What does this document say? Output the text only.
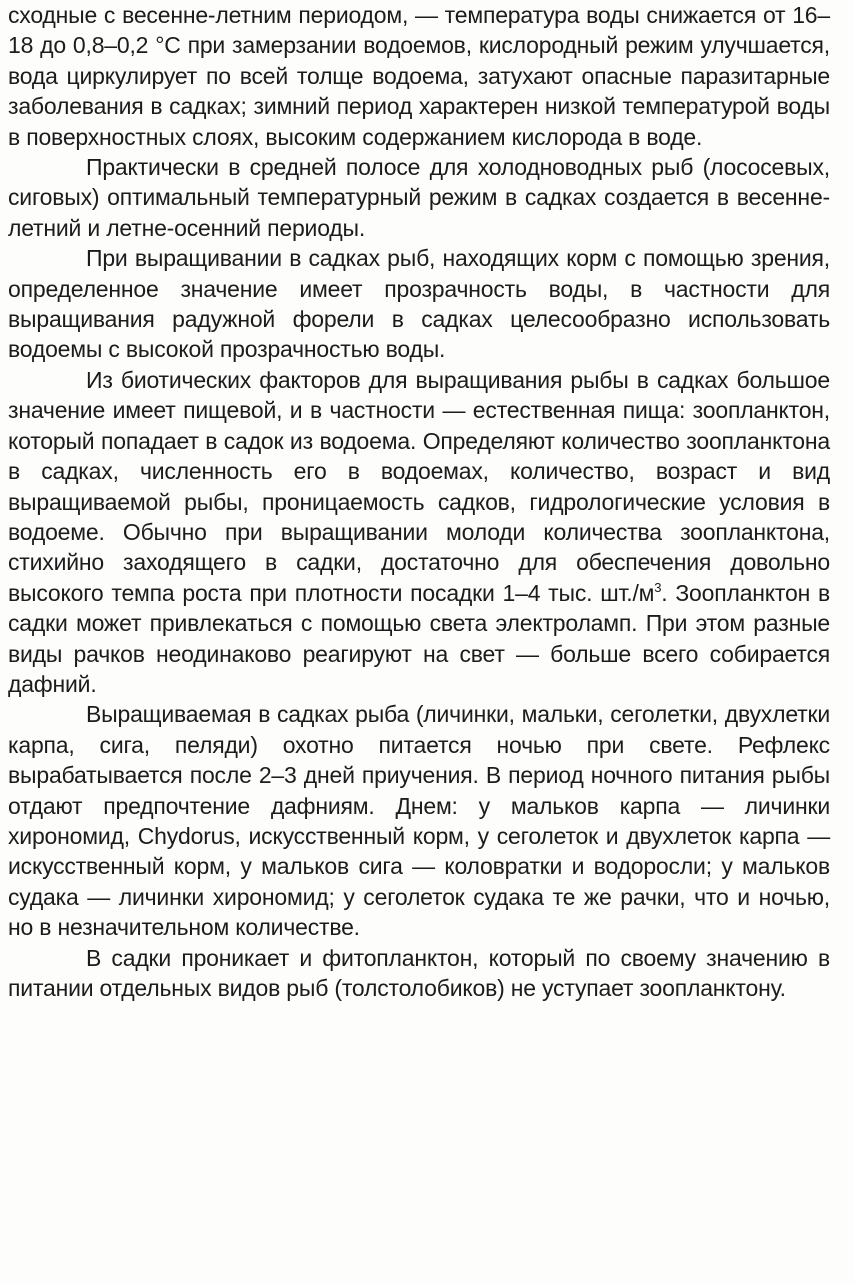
сходные с весенне-летним периодом, — температура воды снижается от 16–18 до 0,8–0,2 °С при замерзании водоемов, кислородный режим улучшается, вода циркулирует по всей толще водоема, затухают опасные паразитарные заболевания в садках; зимний период характерен низкой температурой воды в поверхностных слоях, высоким содержанием кислорода в воде.

Практически в средней полосе для холодноводных рыб (лососевых, сиговых) оптимальный температурный режим в садках создается в весенне-летний и летне-осенний периоды.

При выращивании в садках рыб, находящих корм с помощью зрения, определенное значение имеет прозрачность воды, в частности для выращивания радужной форели в садках целесообразно использовать водоемы с высокой прозрачностью воды.

Из биотических факторов для выращивания рыбы в садках большое значение имеет пищевой, и в частности — естественная пища: зоопланктон, который попадает в садок из водоема. Определяют количество зоопланктона в садках, численность его в водоемах, количество, возраст и вид выращиваемой рыбы, проницаемость садков, гидрологические условия в водоеме. Обычно при выращивании молоди количества зоопланктона, стихийно заходящего в садки, достаточно для обеспечения довольно высокого темпа роста при плотности посадки 1–4 тыс. $шт./м^3$. Зоопланктон в садки может привлекаться с помощью света электроламп. При этом разные виды рачков неодинаково реагируют на свет — больше всего собирается дафний.

Выращиваемая в садках рыба (личинки, мальки, сеголетки, двухлетки карпа, сига, пеляди) охотно питается ночью при свете. Рефлекс вырабатывается после 2–3 дней приучения. В период ночного питания рыбы отдают предпочтение дафниям. Днем: у мальков карпа — личинки хирономид, Chydorus, искусственный корм, у сеголеток и двухлеток карпа — искусственный корм, у мальков сига — коловратки и водоросли; у мальков судака — личинки хирономид; у сеголеток судака те же рачки, что и ночью, но в незначительном количестве.

В садки проникает и фитопланктон, который по своему значению в питании отдельных видов рыб (толстолобиков) не уступает зоопланктону.
